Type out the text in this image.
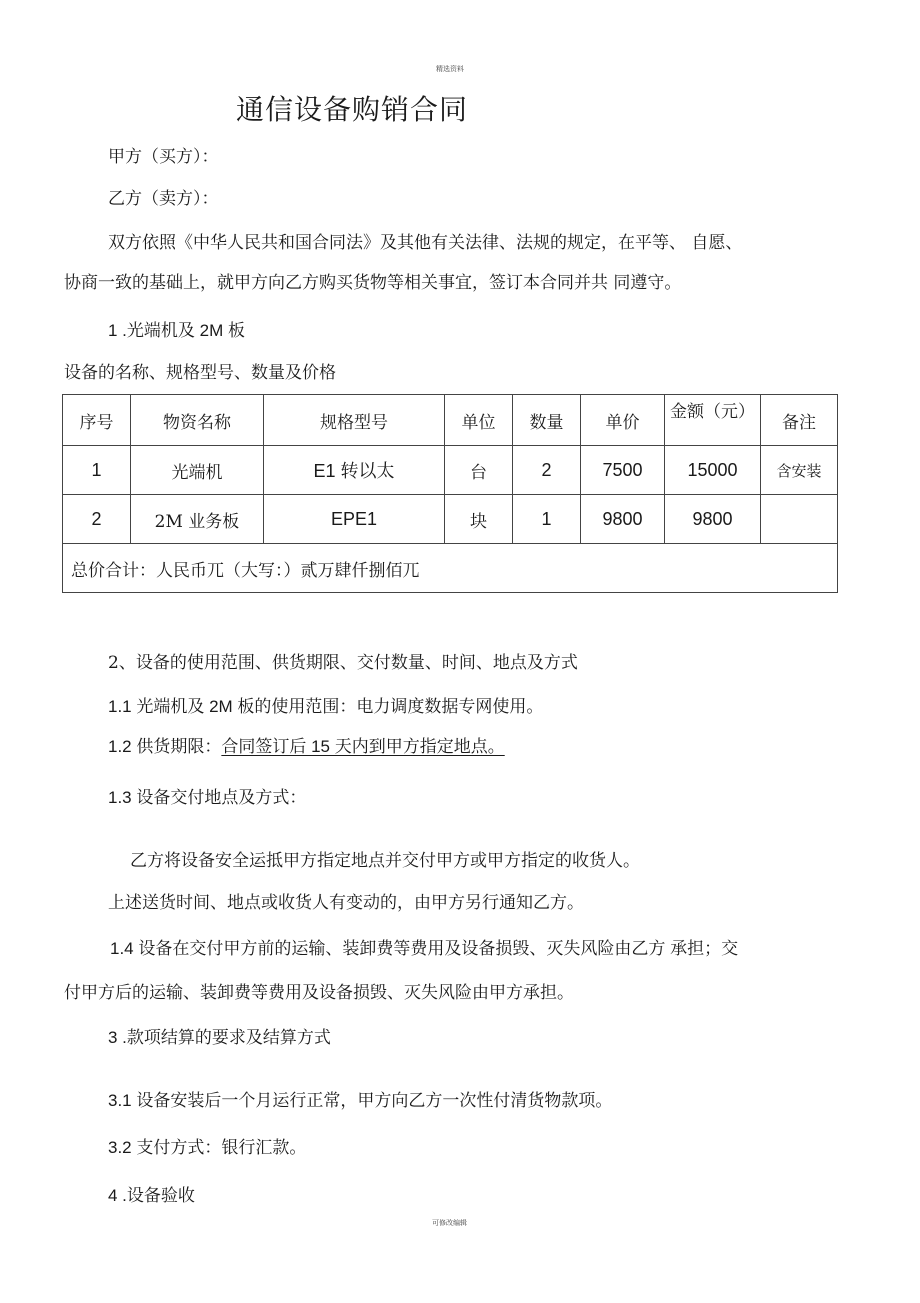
精选资料
通信设备购销合同
甲方（买方）：
乙方（卖方）：
双方依照《中华人民共和国合同法》及其他有关法律、法规的规定，在平等、 自愿、
协商一致的基础上，就甲方向乙方购买货物等相关事宜，签订本合同并共 同遵守。
1 .光端机及 2M 板
设备的名称、规格型号、数量及价格
序号	物资名称	规格型号	单位	数量	单价	金额（元）	备注
1	光端机	E1 转以太	台	2	7500	15000	含安装
2	2M 业务板	EPE1	块	1	9800	9800	
总价合计：人民币兀（大写：）贰万肆仟捌佰兀							
2、设备的使用范围、供货期限、交付数量、时间、地点及方式
1.1 光端机及 2M 板的使用范围：电力调度数据专网使用。
1.2 供货期限：合同签订后 15 天内到甲方指定地点。
1.3 设备交付地点及方式：
乙方将设备安全运抵甲方指定地点并交付甲方或甲方指定的收货人。
上述送货时间、地点或收货人有变动的，由甲方另行通知乙方。
1.4 设备在交付甲方前的运输、装卸费等费用及设备损毁、灭失风险由乙方 承担；交
付甲方后的运输、装卸费等费用及设备损毁、灭失风险由甲方承担。
3 .款项结算的要求及结算方式
3.1 设备安装后一个月运行正常，甲方向乙方一次性付清货物款项。
3.2 支付方式：银行汇款。
4 .设备验收
可修改编辑
